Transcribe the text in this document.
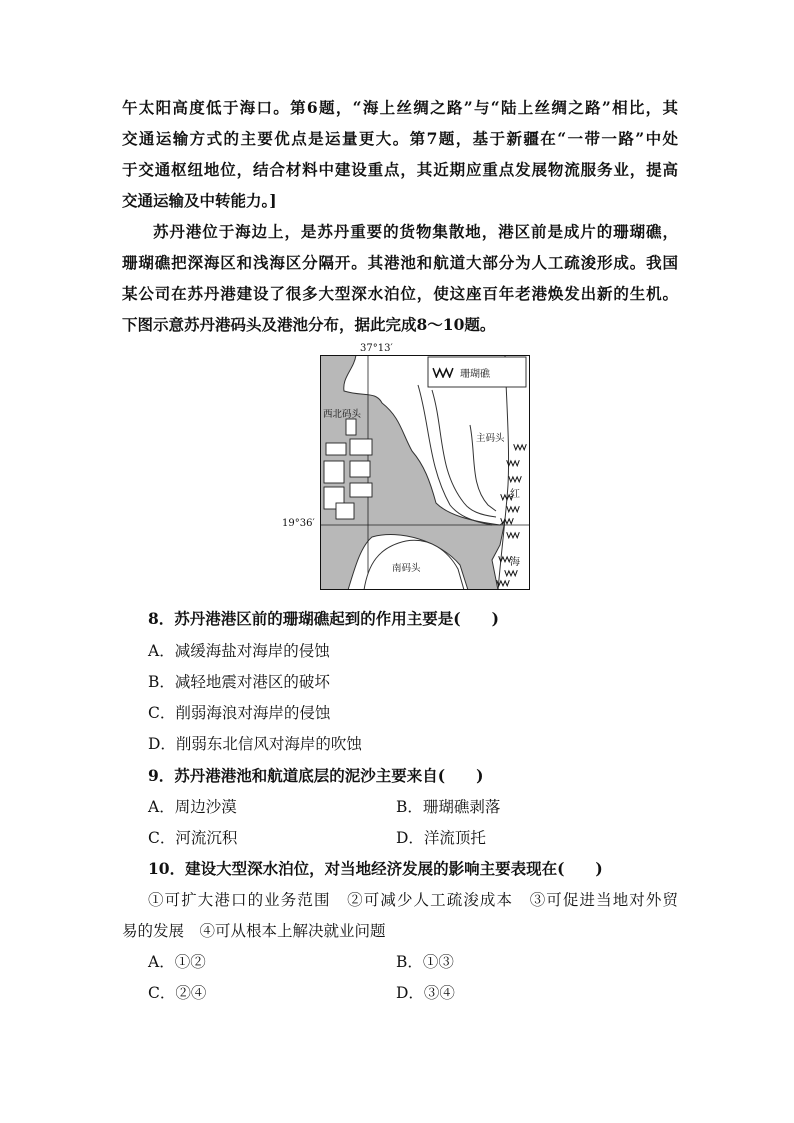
午太阳高度低于海口。第6题，“海上丝绸之路”与“陆上丝绸之路”相比，其
交通运输方式的主要优点是运量更大。第7题，基于新疆在“一带一路”中处
于交通枢纽地位，结合材料中建设重点，其近期应重点发展物流服务业，提高
交通运输及中转能力。]
苏丹港位于海边上，是苏丹重要的货物集散地，港区前是成片的珊瑚礁，
珊瑚礁把深海区和浅海区分隔开。其港池和航道大部分为人工疏浚形成。我国
某公司在苏丹港建设了很多大型深水泊位，使这座百年老港焕发出新的生机。
下图示意苏丹港码头及港池分布，据此完成8～10题。
珊瑚礁
西北码头
主码头
南码头
红
海
37°13′
19°36′
8．苏丹港港区前的珊瑚礁起到的作用主要是(　　)
A．减缓海盐对海岸的侵蚀
B．减轻地震对港区的破坏
C．削弱海浪对海岸的侵蚀
D．削弱东北信风对海岸的吹蚀
9．苏丹港港池和航道底层的泥沙主要来自(　　)
A．周边沙漠	B．珊瑚礁剥落
C．河流沉积	D．洋流顶托
10．建设大型深水泊位，对当地经济发展的影响主要表现在(　　)
①可扩大港口的业务范围　②可减少人工疏浚成本　③可促进当地对外贸
易的发展　④可从根本上解决就业问题
A．①②	B．①③
C．②④	D．③④
